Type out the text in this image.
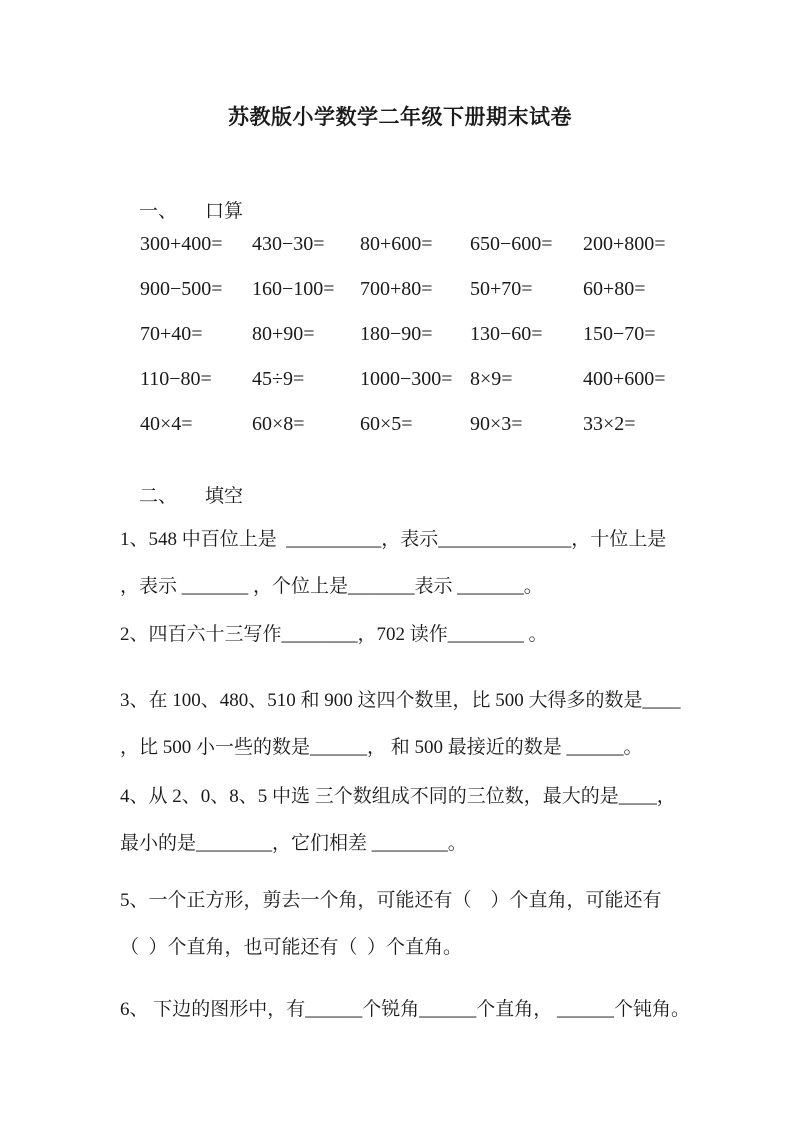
苏教版小学数学二年级下册期末试卷

一、 口算

300+400=	430−30=	80+600=	650−600=	200+800=
900−500=	160−100=	700+80=	50+70=	60+80=
70+40=	80+90=	180−90=	130−60=	150−70=
110−80=	45÷9=	1000−300= 8×9=	400+600=
40×4=	60×8=	60×5=	90×3=	33×2=

二、 填空

1、548 中百位上是  __________，表示______________，十位上是
，表示 _______ ，个位上是_______表示 _______。
2、四百六十三写作________，702 读作________ 。
3、在 100、480、510 和 900 这四个数里，比 500 大得多的数是____
，比 500 小一些的数是______， 和 500 最接近的数是 ______。
4、从 2、0、8、5 中选 三个数组成不同的三位数，最大的是____，
最小的是________，它们相差 ________。
5、一个正方形，剪去一个角，可能还有（    ）个直角，可能还有
（  ）个直角，也可能还有（  ）个直角。
6、 下边的图形中，有______个锐角______个直角， ______个钝角。
